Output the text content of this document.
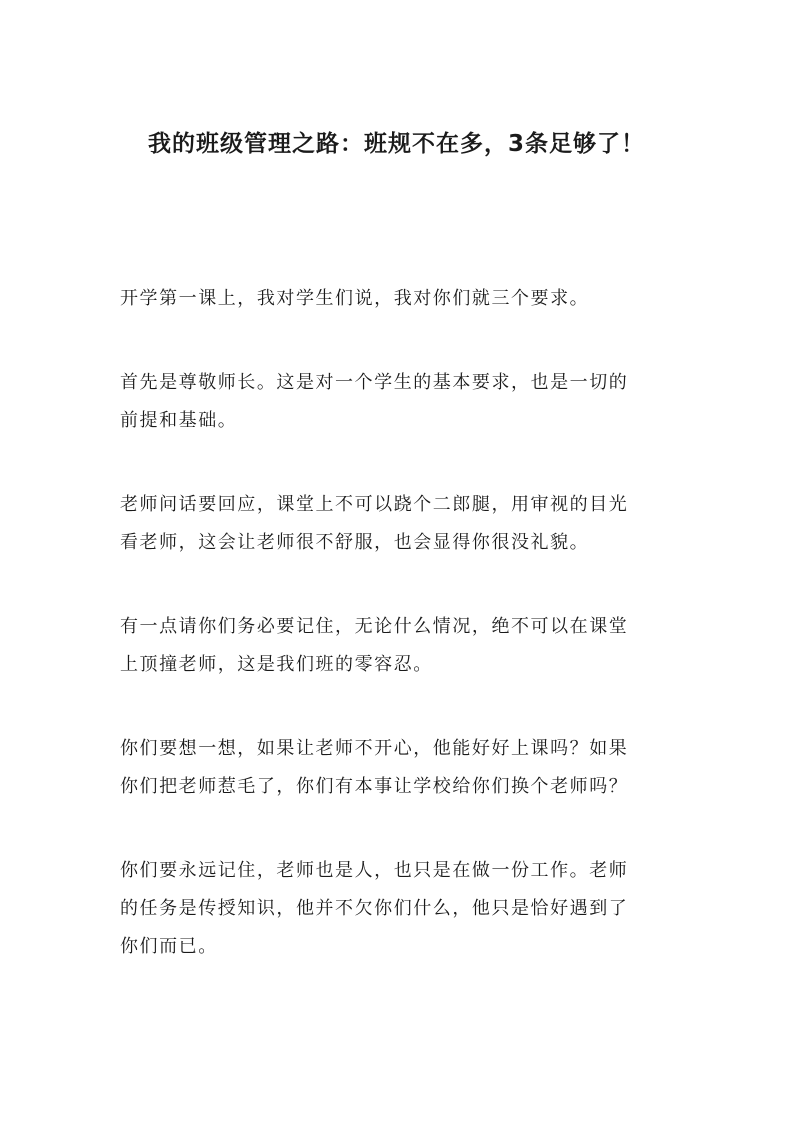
我的班级管理之路：班规不在多，3条足够了！

开学第一课上，我对学生们说，我对你们就三个要求。

首先是尊敬师长。这是对一个学生的基本要求，也是一切的
前提和基础。

老师问话要回应，课堂上不可以跷个二郎腿，用审视的目光
看老师，这会让老师很不舒服，也会显得你很没礼貌。

有一点请你们务必要记住，无论什么情况，绝不可以在课堂
上顶撞老师，这是我们班的零容忍。

你们要想一想，如果让老师不开心，他能好好上课吗？如果
你们把老师惹毛了，你们有本事让学校给你们换个老师吗？

你们要永远记住，老师也是人，也只是在做一份工作。老师
的任务是传授知识，他并不欠你们什么，他只是恰好遇到了
你们而已。
